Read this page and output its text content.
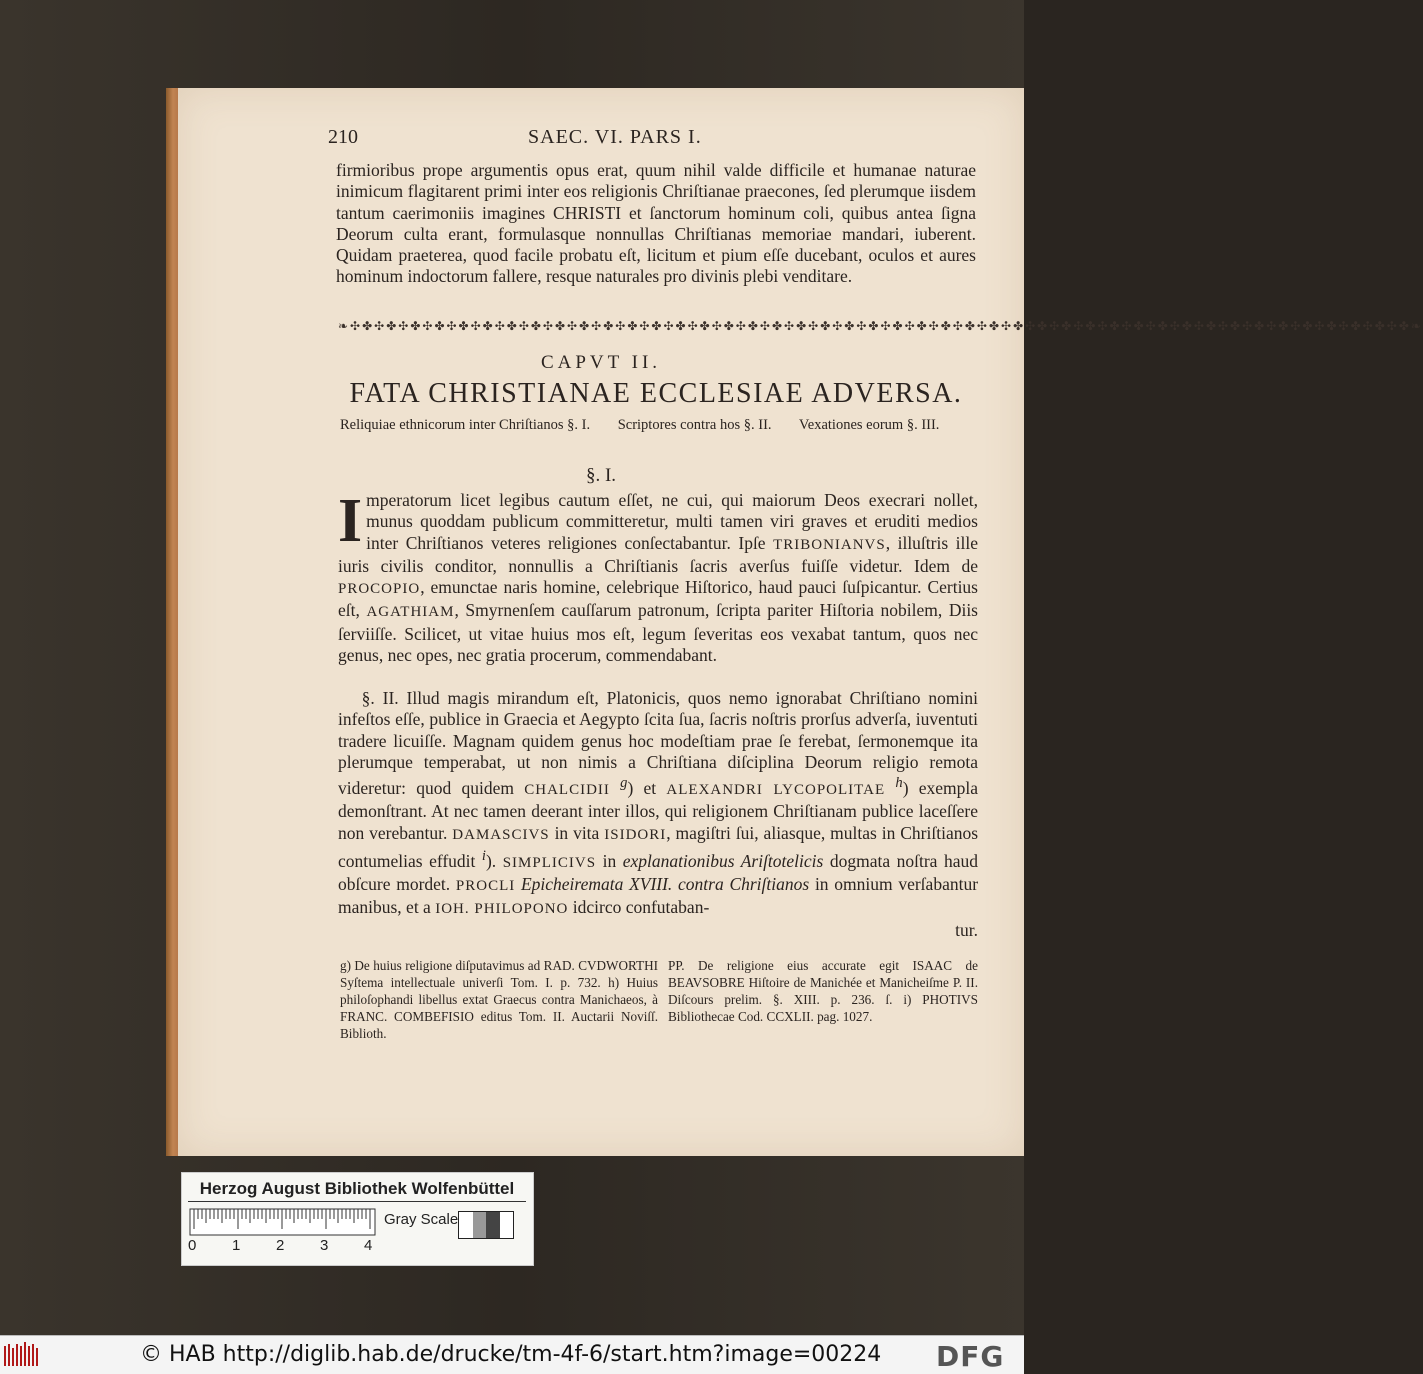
210	SAEC. VI. PARS I.
firmioribus prope argumentis opus erat, quum nihil valde difficile et humanae naturae inimicum flagitarent primi inter eos religionis Chriſtianae praecones, ſed plerumque iisdem tantum caerimoniis imagines CHRISTI et ſanctorum hominum coli, quibus antea ſigna Deorum culta erant, formulasque nonnullas Chriſtianas memoriae mandari, iuberent. Quidam praeterea, quod facile probatu eſt, licitum et pium eſſe ducebant, oculos et aures hominum indoctorum fallere, resque naturales pro divinis plebi venditare.
❧✣✤✣✤✣✤✣✤✣✤✣✤✣✤✣✤✣✤✣✤✣✤✣✤✣✤✣✤✣✤✣✤✣✤✣✤✣✤✣✤✣✤✣✤✣✤✣✤✣✤✣✤✣✤✣✤✣✤✣✤✣✤✣✤✣✤✣✤✣✤✣✤✣✤✣✤✣✤✣✤✣✤✣✤✣✤✣✤❧
CAPVT II.
FATA CHRISTIANAE ECCLESIAE ADVERSA.
Reliquiae ethnicorum inter Chriſtianos §. I. Scriptores contra hos §. II. Vexationes eorum §. III.
§. I.
Imperatorum licet legibus cautum eſſet, ne cui, qui maiorum Deos execrari nollet, munus quoddam publicum committeretur, multi tamen viri graves et eruditi medios inter Chriſtianos veteres religiones conſectabantur. Ipſe TRIBONIANVS, illuſtris ille iuris civilis conditor, nonnullis a Chriſtianis ſacris averſus fuiſſe videtur. Idem de PROCOPIO, emunctae naris homine, celebrique Hiſtorico, haud pauci ſuſpicantur. Certius eſt, AGATHIAM, Smyrnenſem cauſſarum patronum, ſcripta pariter Hiſtoria nobilem, Diis ſerviiſſe. Scilicet, ut vitae huius mos eſt, legum ſeveritas eos vexabat tantum, quos nec genus, nec opes, nec gratia procerum, commendabant.
§. II. Illud magis mirandum eſt, Platonicis, quos nemo ignorabat Chriſtiano nomini infeſtos eſſe, publice in Graecia et Aegypto ſcita ſua, ſacris noſtris prorſus adverſa, iuventuti tradere licuiſſe. Magnam quidem genus hoc modeſtiam prae ſe ferebat, ſermonemque ita plerumque temperabat, ut non nimis a Chriſtiana diſciplina Deorum religio remota videretur: quod quidem CHALCIDII $^g$) et ALEXANDRI LYCOPOLITAE $^h$) exempla demonſtrant. At nec tamen deerant inter illos, qui religionem Chriſtianam publice laceſſere non verebantur. DAMASCIVS in vita ISIDORI, magiſtri ſui, aliasque, multas in Chriſtianos contumelias effudit $^i$). SIMPLICIVS in explanationibus Ariſtotelicis dogmata noſtra haud obſcure mordet. PROCLI Epicheiremata XVIII. contra Chriſtianos in omnium verſabantur manibus, et a IOH. PHILOPONO idcirco confutaban-
tur.
g) De huius religione diſputavimus ad RAD. CVDWORTHI Syſtema intellectuale univerſi Tom. I. p. 732. h) Huius philoſophandi libellus extat Graecus contra Manichaeos, à FRANC. COMBEFISIO editus Tom. II. Auctarii Noviſſ. Biblioth.
PP. De religione eius accurate egit ISAAC de BEAVSOBRE Hiſtoire de Manichée et Manicheiſme P. II. Diſcours prelim. §. XIII. p. 236. ſ. i) PHOTIVS Bibliothecae Cod. CCXLII. pag. 1027.
Herzog August Bibliothek Wolfenbüttel
Gray Scale
0 1 2 3 4
© HAB http://diglib.hab.de/drucke/tm-4f-6/start.htm?image=00224 DFG
